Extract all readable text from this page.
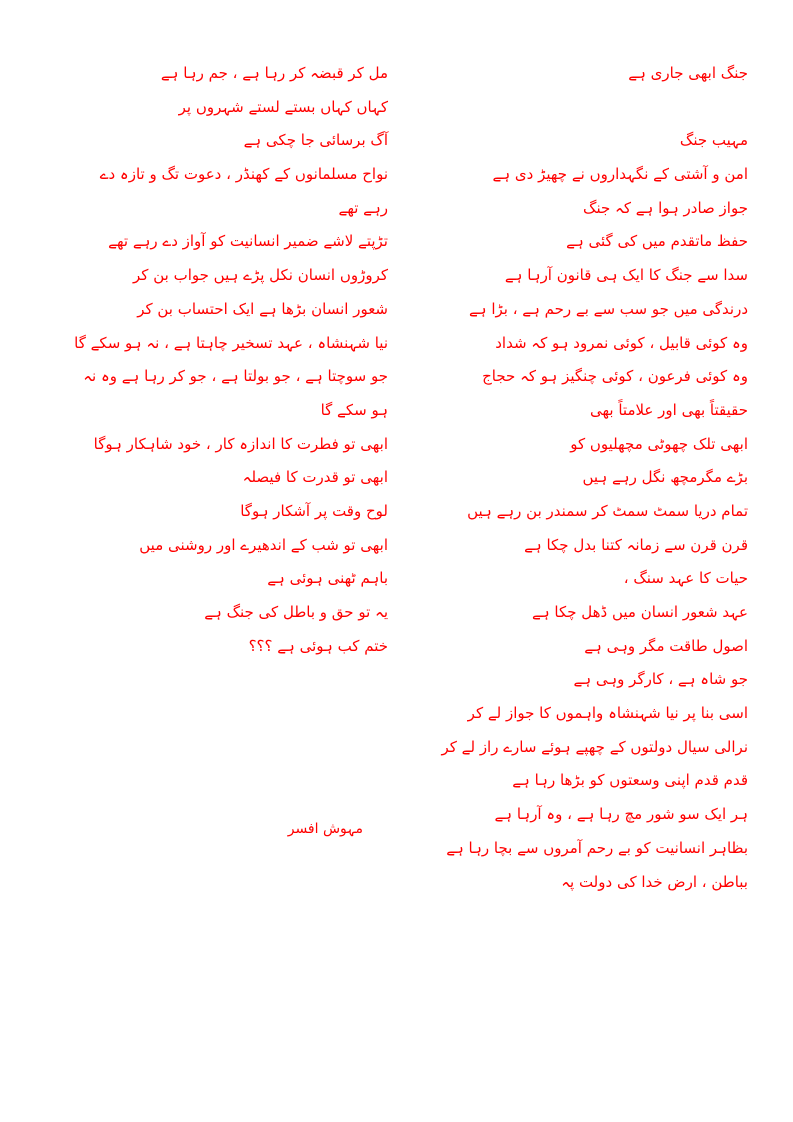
جنگ ابھی جاری ہے
مہیب جنگ
امن و آشتی کے نگہداروں نے چھیڑ دی ہے
جواز صادر ہوا ہے کہ جنگ
حفظ ماتقدم میں کی گئی ہے
سدا سے جنگ کا ایک ہی قانون آرہا ہے
درندگی میں جو سب سے بے رحم ہے ، بڑا ہے
وہ کوئی قابیل ، کوئی نمرود ہو کہ شداد
وہ کوئی فرعون ، کوئی چنگیز ہو کہ حجاج
حقیقتاً بھی اور علامتاً بھی
ابھی تلک چھوٹی مچھلیوں کو
بڑے مگرمچھ نگل رہے ہیں
تمام دریا سمٹ سمٹ کر سمندر بن رہے ہیں
قرن قرن سے زمانہ کتنا بدل چکا ہے
حیات کا عہد سنگ ،
عہد شعور انسان میں ڈھل چکا ہے
اصول طاقت مگر وہی ہے
جو شاہ ہے ، کارگر وہی ہے
اسی بنا پر نیا شہنشاہ واہموں کا جواز لے کر
نرالی سیال دولتوں کے چھپے ہوئے سارے راز لے کر
قدم قدم اپنی وسعتوں کو بڑھا رہا ہے
ہر ایک سو شور مچ رہا ہے ، وہ آرہا ہے
بظاہر انسانیت کو بے رحم آمروں سے بچا رہا ہے
بباطن ، ارض خدا کی دولت پہ
مل کر قبضہ کر رہا ہے ، جم رہا ہے
کہاں کہاں بستے لستے شہروں پر
آگ برسائی جا چکی ہے
نواح مسلمانوں کے کھنڈر ، دعوت تگ و تازہ دے
رہے تھے
تڑپتے لاشے ضمیر انسانیت کو آواز دے رہے تھے
کروڑوں انسان نکل پڑے ہیں جواب بن کر
شعور انسان بڑھا ہے ایک احتساب بن کر
نیا شہنشاہ ، عہد تسخیر چاہتا ہے ، نہ ہو سکے گا
جو سوچتا ہے ، جو بولتا ہے ، جو کر رہا ہے وہ نہ
ہو سکے گا
ابھی تو فطرت کا اندازہ کار ، خود شاہکار ہوگا
ابھی تو قدرت کا فیصلہ
لوح وقت پر آشکار ہوگا
ابھی تو شب کے اندھیرے اور روشنی میں
باہم ٹھنی ہوئی ہے
یہ تو حق و باطل کی جنگ ہے
ختم کب ہوئی ہے ؟؟؟
مہوش افسر
